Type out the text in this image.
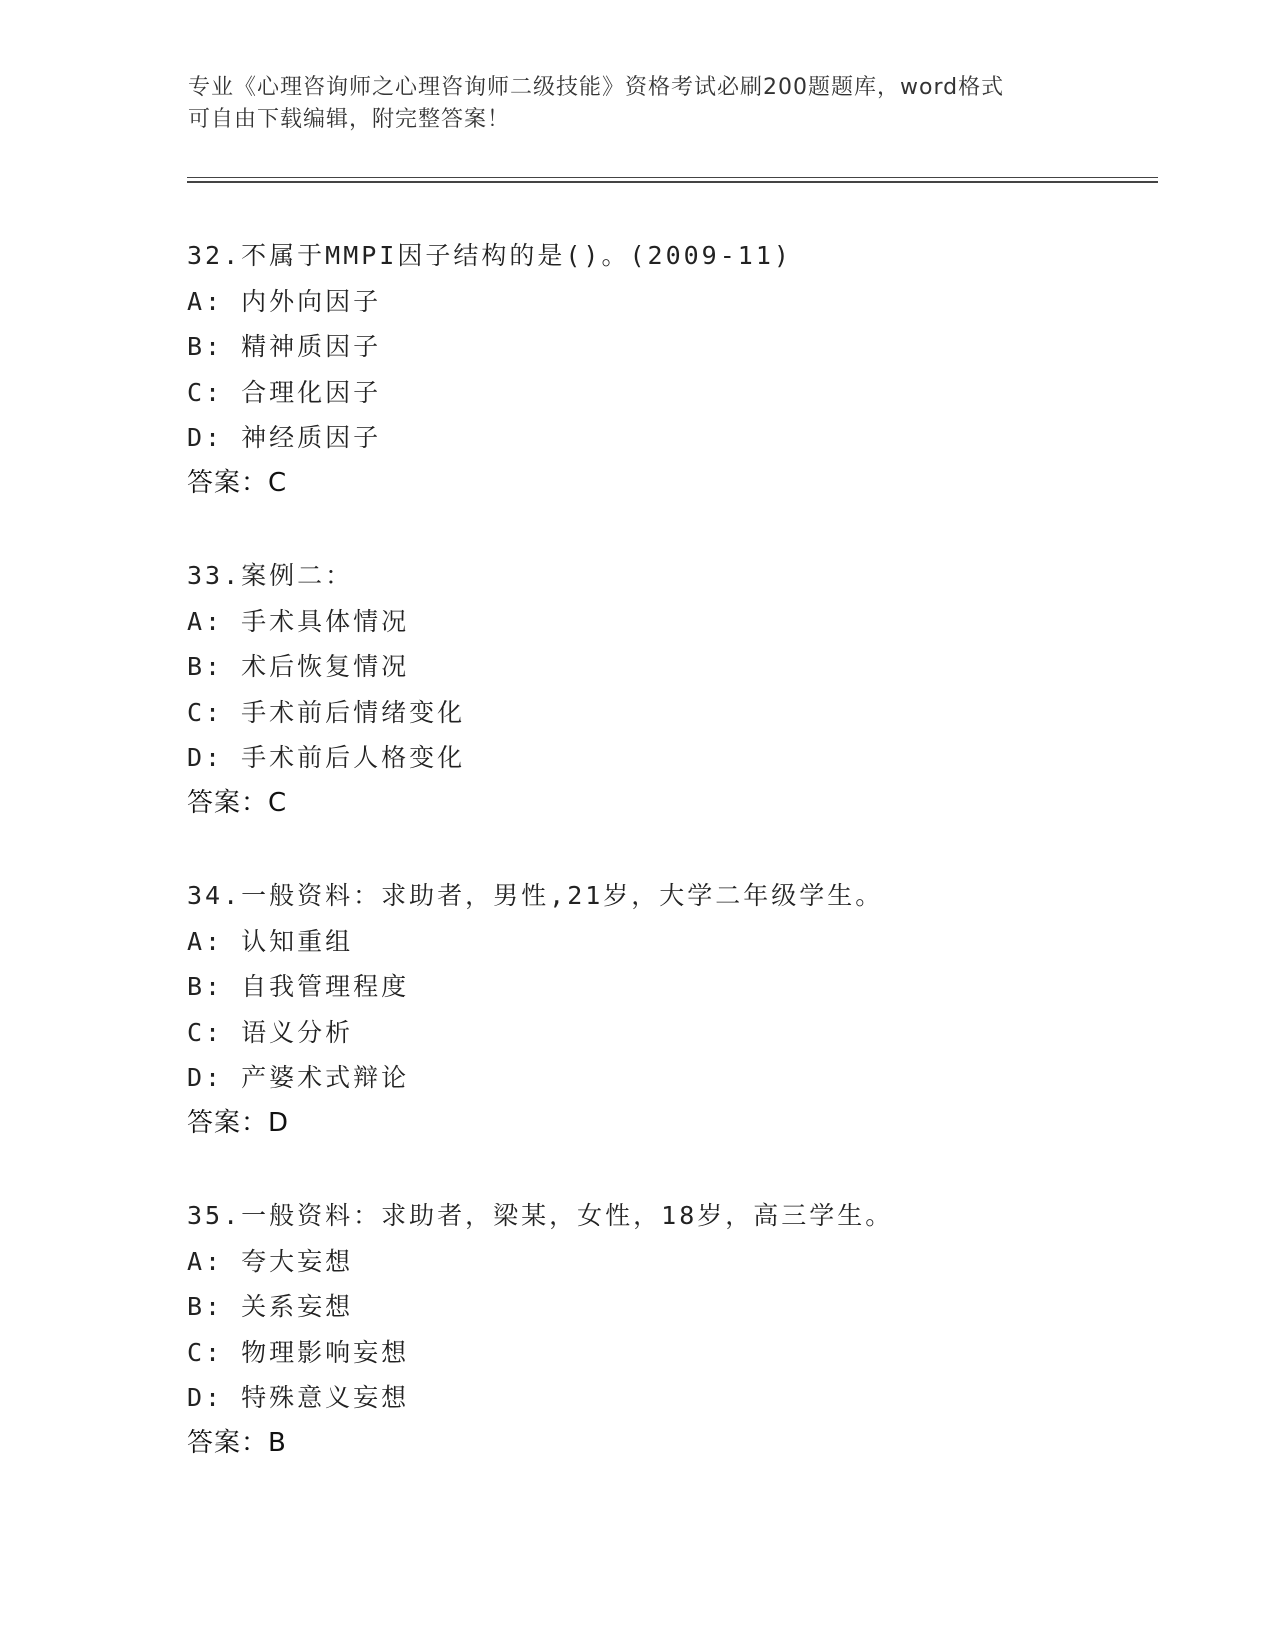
专业《心理咨询师之心理咨询师二级技能》资格考试必刷200题题库，word格式
可自由下载编辑，附完整答案！
32.不属于MMPI因子结构的是()。(2009-11)
A: 内外向因子
B: 精神质因子
C: 合理化因子
D: 神经质因子
答案：C
33.案例二：
A: 手术具体情况
B: 术后恢复情况
C: 手术前后情绪变化
D: 手术前后人格变化
答案：C
34.一般资料：求助者，男性,21岁，大学二年级学生。
A: 认知重组
B: 自我管理程度
C: 语义分析
D: 产婆术式辩论
答案：D
35.一般资料：求助者，梁某，女性，18岁，高三学生。
A: 夸大妄想
B: 关系妄想
C: 物理影响妄想
D: 特殊意义妄想
答案：B
